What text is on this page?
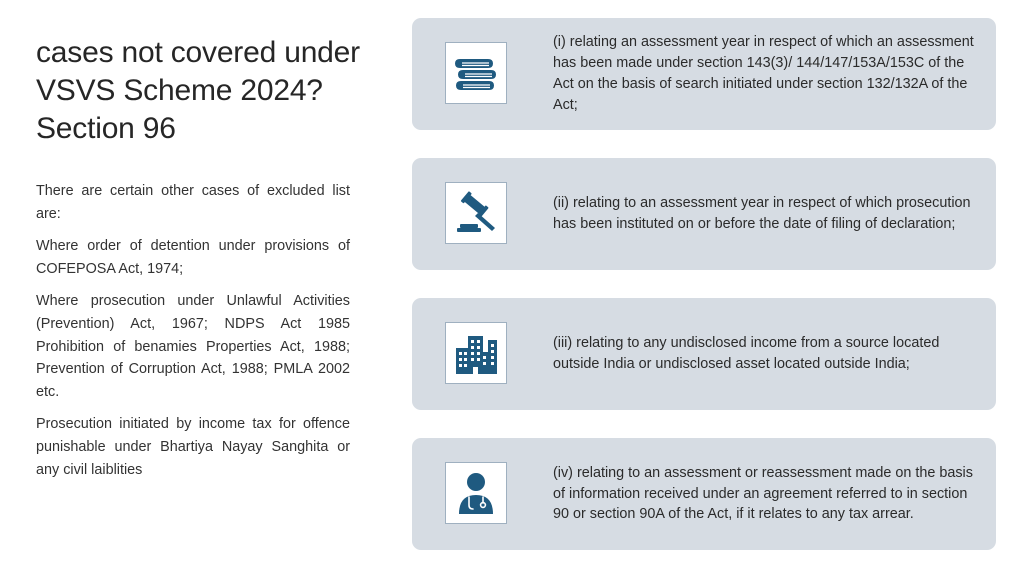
cases not covered under VSVS Scheme 2024? Section 96

There are certain other cases of excluded list are:

Where order of detention under provisions of COFEPOSA Act, 1974;

Where prosecution under Unlawful Activities (Prevention) Act, 1967; NDPS Act 1985 Prohibition of benamies Properties Act, 1988; Prevention of Corruption Act, 1988; PMLA 2002 etc.

Prosecution initiated by income tax for offence punishable under Bhartiya Nayay Sanghita or any civil laiblities

(i) relating an assessment year in respect of which an assessment has been made under section 143(3)/ 144/147/153A/153C of the Act on the basis of search initiated under section 132/132A of the Act;
(ii) relating to an assessment year in respect of which prosecution has been instituted on or before the date of filing of declaration;
(iii) relating to any undisclosed income from a source located outside India or undisclosed asset located outside India;
(iv) relating to an assessment or reassessment made on the basis of information received under an agreement referred to in section 90 or section 90A of the Act, if it relates to any tax arrear.
